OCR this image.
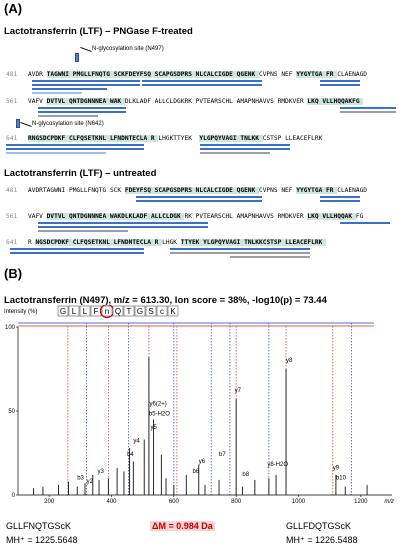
(A)
Lactotransferrin (LTF) – PNGase F-treated
N-glycosylation site (N497)
481 AVDR TAGWNI PMGLLFNQTG SCKFDEYFSQ SCAPGSDPRS NLCALCIGDE QGENK CVPNS NEF YYGYTGA FR CLAENAGD
561 VAFV DVTVL QNTDGNNNEA WAK DLKLADF ALLCLDGKRK PVTEARSCHL AMAPNHAVVS RMDKVER LKQ VLLHQQAKFG
641 RNGSDCPDKF CLFQSETKNL LFNDNTECLA R LHGKTTYEK  YLGPQYVAGI TNLKK CSTSP LLEACEFLRK
N-glycosylation site (N642)
Lactotransferrin (LTF) – untreated
481 AVDRTAGWNI PMGLLFNQTG SCK FDEYFSQ SCAPGSDPRS NLCALCIGDE QGENK CVPNS NEF YYGYTGA FR CLAENAGD
561 VAFV DVTVL QNTDGNNNEA WAKDLKLADF ALLCLDGK RK PVTEARSCHL AMAPNHAVVS RMDKVER LKQ VLLHQQAK FG
641 R NGSDCPDKF CLFQSETKNL LFNDNTECLA R LHGK TTYEK YLGPQYVAGI TNLKKCSTSP LLEACEFLRK
(B)
Lactotransferrin (N497), m/z = 613.30, Ion score = 38%, -log10(p) = 73.44
Intensity (%)	G L L F n Q T G S c K
0
50
100
200	400	600	800	1000	1200	m/z
b3
y2
y3
b4
y4
y5
b5-H2O
y6(2+)
y6
b6
b7
y7
b8
y8-H2O
y8
y9
b10
GLLFNQTGScK
MH⁺ = 1225.5648
ΔM = 0.984 Da	GLLFDQTGScK
MH⁺ = 1226.5488
